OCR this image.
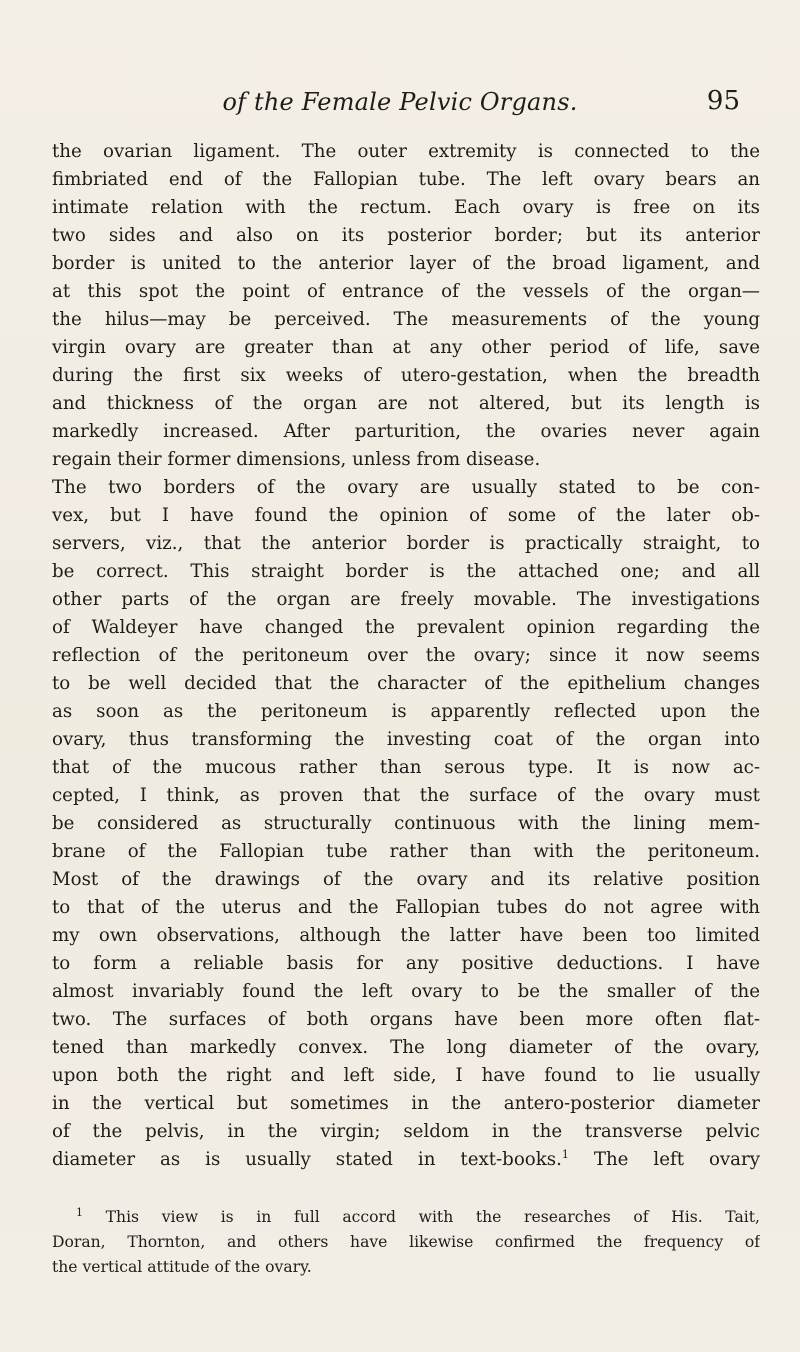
of the Female Pelvic Organs.	95
the ovarian ligament. The outer extremity is connected to the
fimbriated end of the Fallopian tube. The left ovary bears an
intimate relation with the rectum. Each ovary is free on its
two sides and also on its posterior border; but its anterior
border is united to the anterior layer of the broad ligament, and
at this spot the point of entrance of the vessels of the organ—
the hilus—may be perceived. The measurements of the young
virgin ovary are greater than at any other period of life, save
during the first six weeks of utero-gestation, when the breadth
and thickness of the organ are not altered, but its length is
markedly increased. After parturition, the ovaries never again
regain their former dimensions, unless from disease.
The two borders of the ovary are usually stated to be con-
vex, but I have found the opinion of some of the later ob-
servers, viz., that the anterior border is practically straight, to
be correct. This straight border is the attached one; and all
other parts of the organ are freely movable. The investigations
of Waldeyer have changed the prevalent opinion regarding the
reflection of the peritoneum over the ovary; since it now seems
to be well decided that the character of the epithelium changes
as soon as the peritoneum is apparently reflected upon the
ovary, thus transforming the investing coat of the organ into
that of the mucous rather than serous type. It is now ac-
cepted, I think, as proven that the surface of the ovary must
be considered as structurally continuous with the lining mem-
brane of the Fallopian tube rather than with the peritoneum.
Most of the drawings of the ovary and its relative position
to that of the uterus and the Fallopian tubes do not agree with
my own observations, although the latter have been too limited
to form a reliable basis for any positive deductions. I have
almost invariably found the left ovary to be the smaller of the
two. The surfaces of both organs have been more often flat-
tened than markedly convex. The long diameter of the ovary,
upon both the right and left side, I have found to lie usually
in the vertical but sometimes in the antero-posterior diameter
of the pelvis, in the virgin; seldom in the transverse pelvic
diameter as is usually stated in text-books.$^1$ The left ovary
$^1$ This view is in full accord with the researches of His. Tait,
Doran, Thornton, and others have likewise confirmed the frequency of
the vertical attitude of the ovary.
